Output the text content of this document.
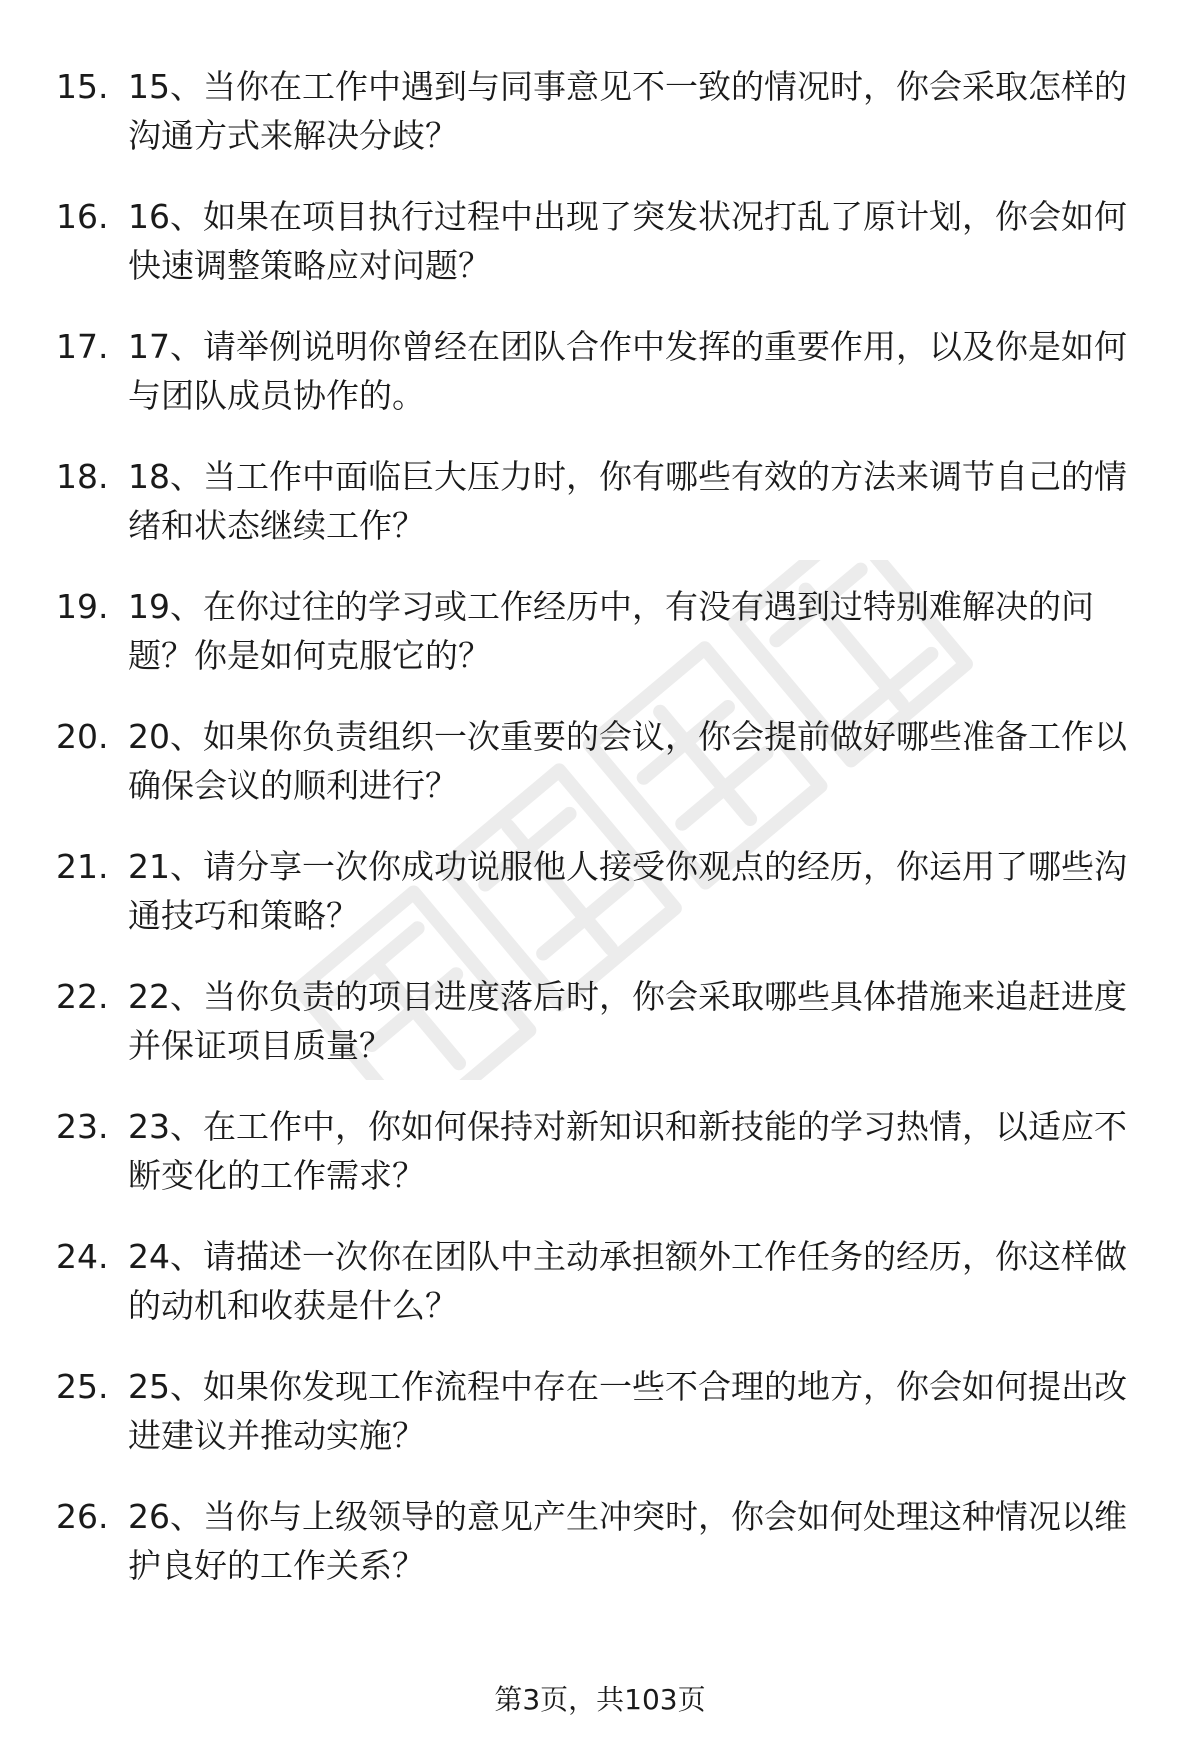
15. 15、当你在工作中遇到与同事意见不一致的情况时，你会采取怎样的沟通方式来解决分歧？
16. 16、如果在项目执行过程中出现了突发状况打乱了原计划，你会如何快速调整策略应对问题？
17. 17、请举例说明你曾经在团队合作中发挥的重要作用，以及你是如何与团队成员协作的。
18. 18、当工作中面临巨大压力时，你有哪些有效的方法来调节自己的情绪和状态继续工作？
19. 19、在你过往的学习或工作经历中，有没有遇到过特别难解决的问题？你是如何克服它的？
20. 20、如果你负责组织一次重要的会议，你会提前做好哪些准备工作以确保会议的顺利进行？
21. 21、请分享一次你成功说服他人接受你观点的经历，你运用了哪些沟通技巧和策略？
22. 22、当你负责的项目进度落后时，你会采取哪些具体措施来追赶进度并保证项目质量？
23. 23、在工作中，你如何保持对新知识和新技能的学习热情，以适应不断变化的工作需求？
24. 24、请描述一次你在团队中主动承担额外工作任务的经历，你这样做的动机和收获是什么？
25. 25、如果你发现工作流程中存在一些不合理的地方，你会如何提出改进建议并推动实施？
26. 26、当你与上级领导的意见产生冲突时，你会如何处理这种情况以维护良好的工作关系？
第3页，共103页
